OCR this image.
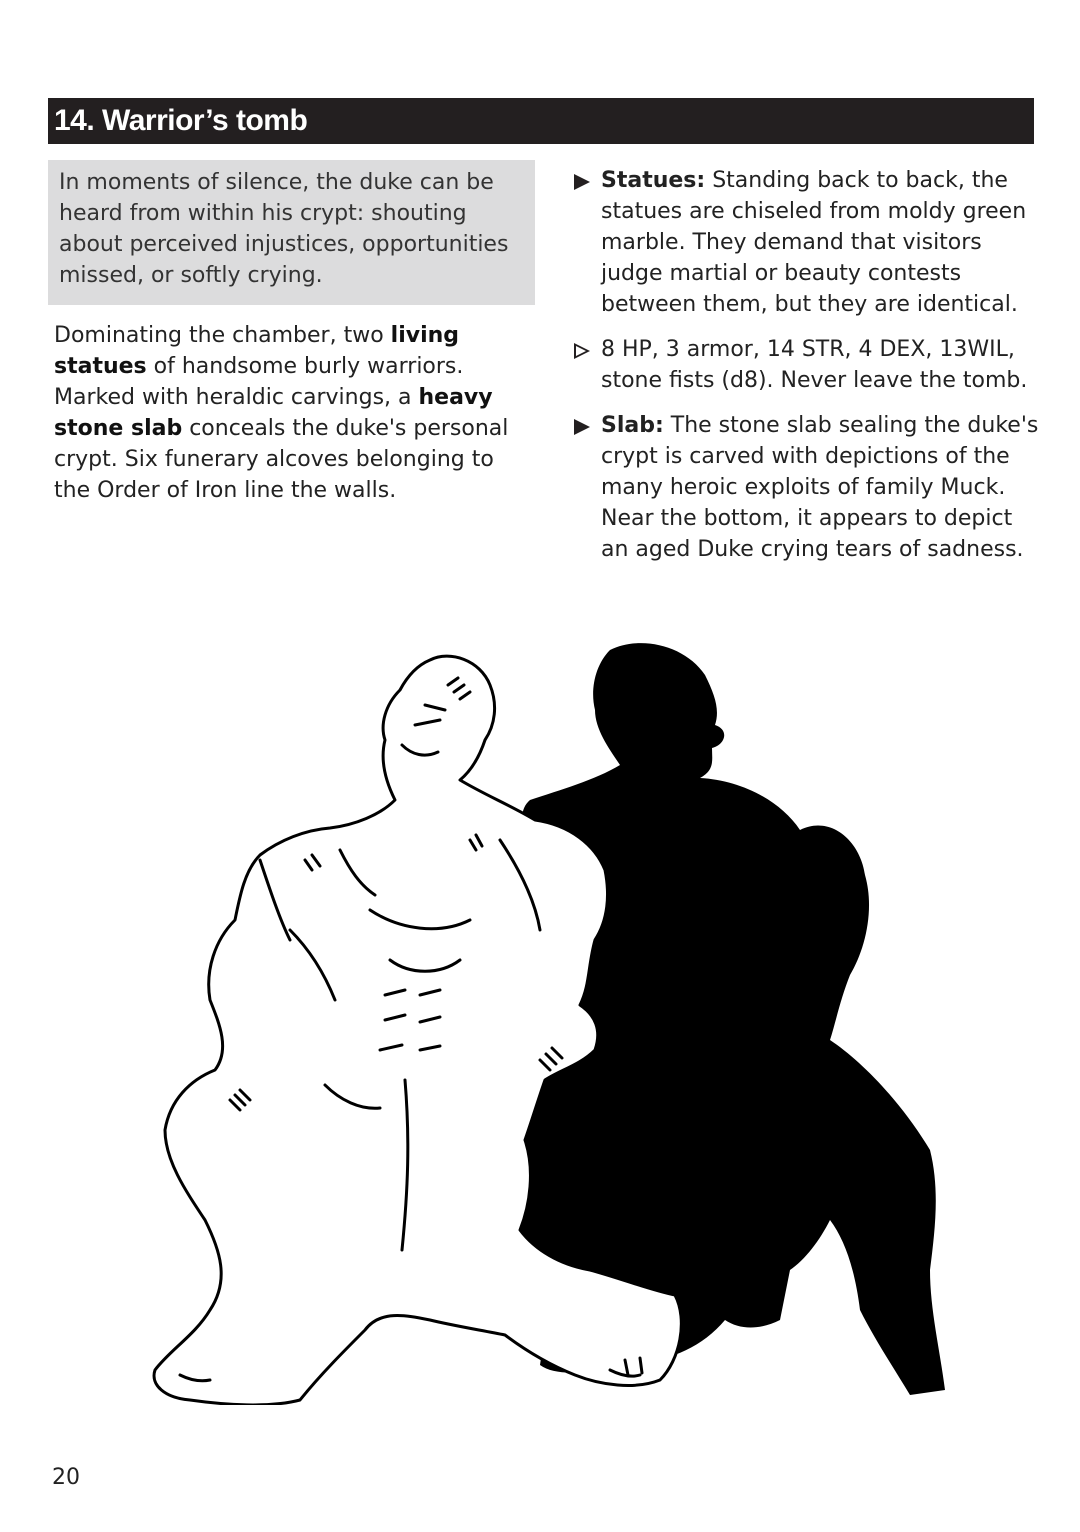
14. Warrior’s tomb
In moments of silence, the duke can be heard from within his crypt: shouting about perceived injustices, opportunities missed, or softly crying.
Dominating the chamber, two living statues of handsome burly warriors. Marked with heraldic carvings, a heavy stone slab conceals the duke's personal crypt. Six funerary alcoves belonging to the Order of Iron line the walls.
Statues: Standing back to back, the statues are chiseled from moldy green marble. They demand that visitors judge martial or beauty contests between them, but they are identical.
8 HP, 3 armor, 14 STR, 4 DEX, 13WIL, stone fists (d8). Never leave the tomb.
Slab: The stone slab sealing the duke's crypt is carved with depictions of the many heroic exploits of family Muck. Near the bottom, it appears to depict an aged Duke crying tears of sadness.
20
